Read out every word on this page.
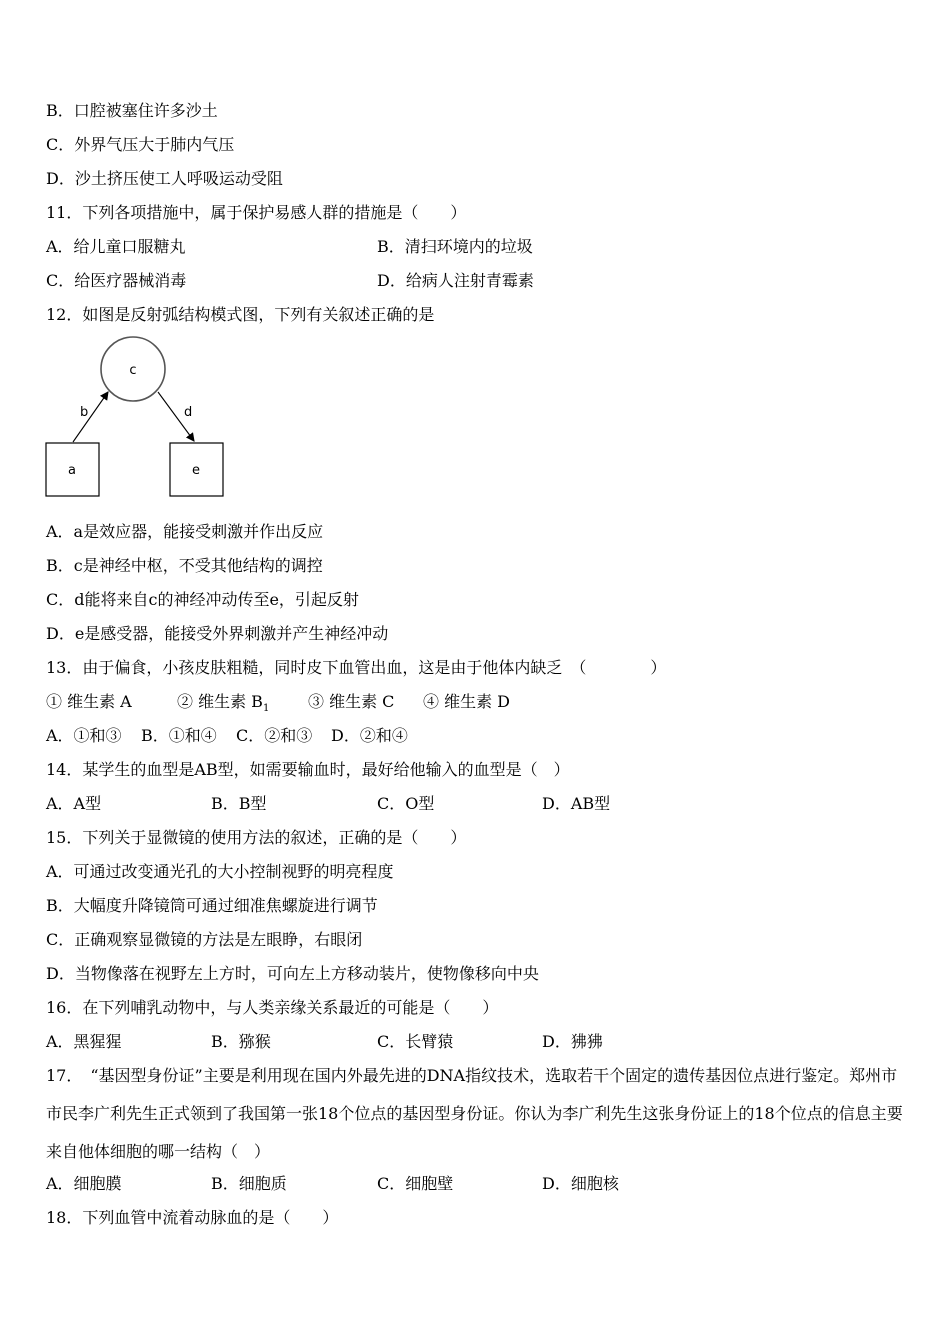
B．口腔被塞住许多沙土
C．外界气压大于肺内气压
D．沙土挤压使工人呼吸运动受阻
11．下列各项措施中，属于保护易感人群的措施是（　　）
A．给儿童口服糖丸	B．清扫环境内的垃圾
C．给医疗器械消毒	D．给病人注射青霉素
12．如图是反射弧结构模式图，下列有关叙述正确的是
c
a	e
b	d
A．a是效应器，能接受刺激并作出反应
B．c是神经中枢，不受其他结构的调控
C．d能将来自c的神经冲动传至e，引起反射
D．e是感受器，能接受外界刺激并产生神经冲动
13．由于偏食，小孩皮肤粗糙，同时皮下血管出血，这是由于他体内缺乏　（　　　　）
① 维生素 A	② 维生素 $B_1$ ③ 维生素 C ④ 维生素 D
A．①和③ B．①和④ C．②和③ D．②和④
14．某学生的血型是AB型，如需要输血时，最好给他输入的血型是（　）
A．A型	B．B型	C．O型	D．AB型
15．下列关于显微镜的使用方法的叙述，正确的是（　　）
A．可通过改变通光孔的大小控制视野的明亮程度
B．大幅度升降镜筒可通过细准焦螺旋进行调节
C．正确观察显微镜的方法是左眼睁，右眼闭
D．当物像落在视野左上方时，可向左上方移动装片，使物像移向中央
16．在下列哺乳动物中，与人类亲缘关系最近的可能是（　　）
A．黑猩猩	B．猕猴	C．长臂猿	D．狒狒
17．　“基因型身份证”主要是利用现在国内外最先进的DNA指纹技术，选取若干个固定的遗传基因位点进行鉴定。郑州市市民李广利先生正式领到了我国第一张18个位点的基因型身份证。你认为李广利先生这张身份证上的18个位点的信息主要来自他体细胞的哪一结构（　）
A．细胞膜	B．细胞质	C．细胞壁	D．细胞核
18．下列血管中流着动脉血的是（　　）
